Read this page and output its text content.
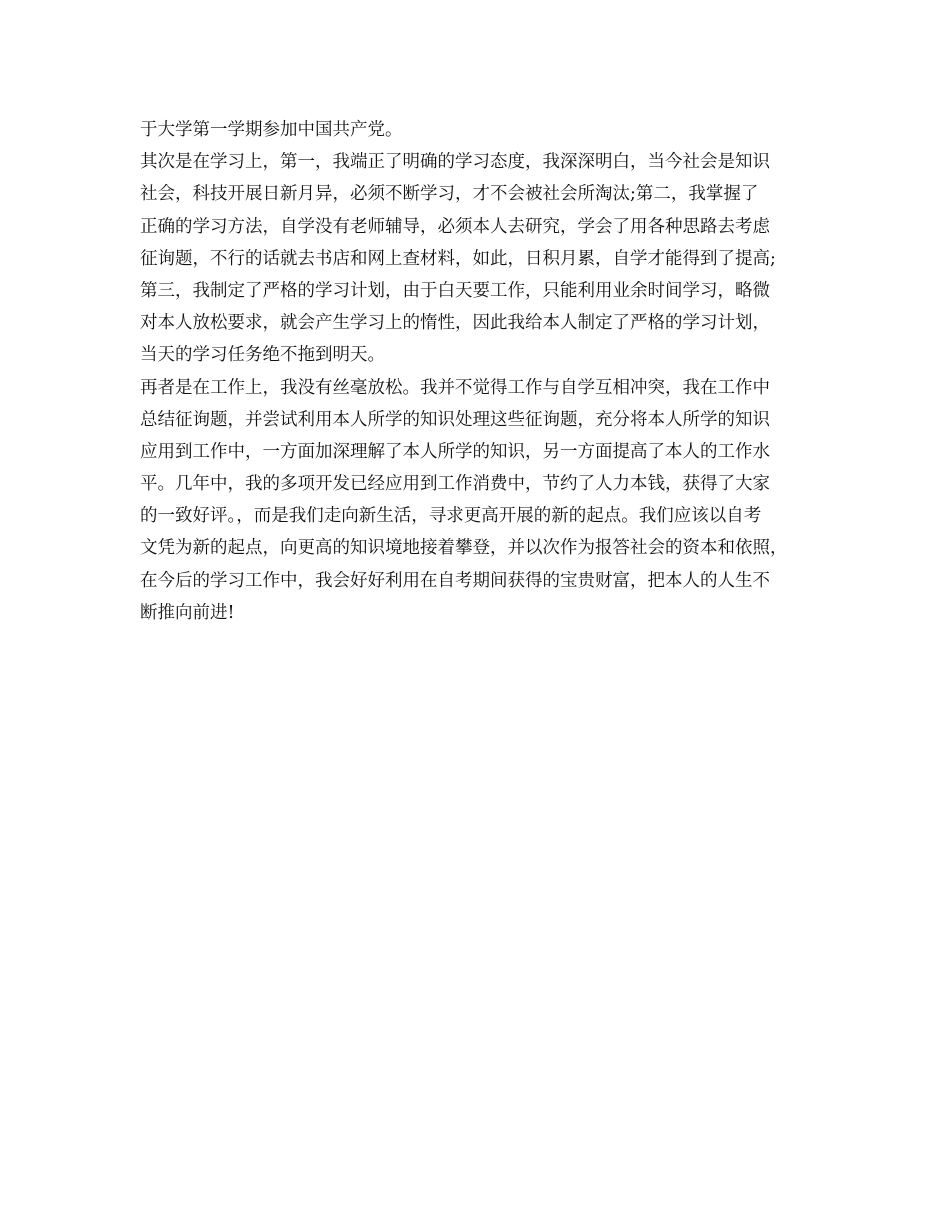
于大学第一学期参加中国共产党。
其次是在学习上，第一，我端正了明确的学习态度，我深深明白，当今社会是知识
社会，科技开展日新月异，必须不断学习，才不会被社会所淘汰;第二，我掌握了
正确的学习方法，自学没有老师辅导，必须本人去研究，学会了用各种思路去考虑
征询题，不行的话就去书店和网上查材料，如此，日积月累，自学才能得到了提高;
第三，我制定了严格的学习计划，由于白天要工作，只能利用业余时间学习，略微
对本人放松要求，就会产生学习上的惰性，因此我给本人制定了严格的学习计划，
当天的学习任务绝不拖到明天。
再者是在工作上，我没有丝毫放松。我并不觉得工作与自学互相冲突，我在工作中
总结征询题，并尝试利用本人所学的知识处理这些征询题，充分将本人所学的知识
应用到工作中，一方面加深理解了本人所学的知识，另一方面提高了本人的工作水
平。几年中，我的多项开发已经应用到工作消费中，节约了人力本钱，获得了大家
的一致好评。，而是我们走向新生活，寻求更高开展的新的起点。我们应该以自考
文凭为新的起点，向更高的知识境地接着攀登，并以次作为报答社会的资本和依照，
在今后的学习工作中，我会好好利用在自考期间获得的宝贵财富，把本人的人生不
断推向前进!
